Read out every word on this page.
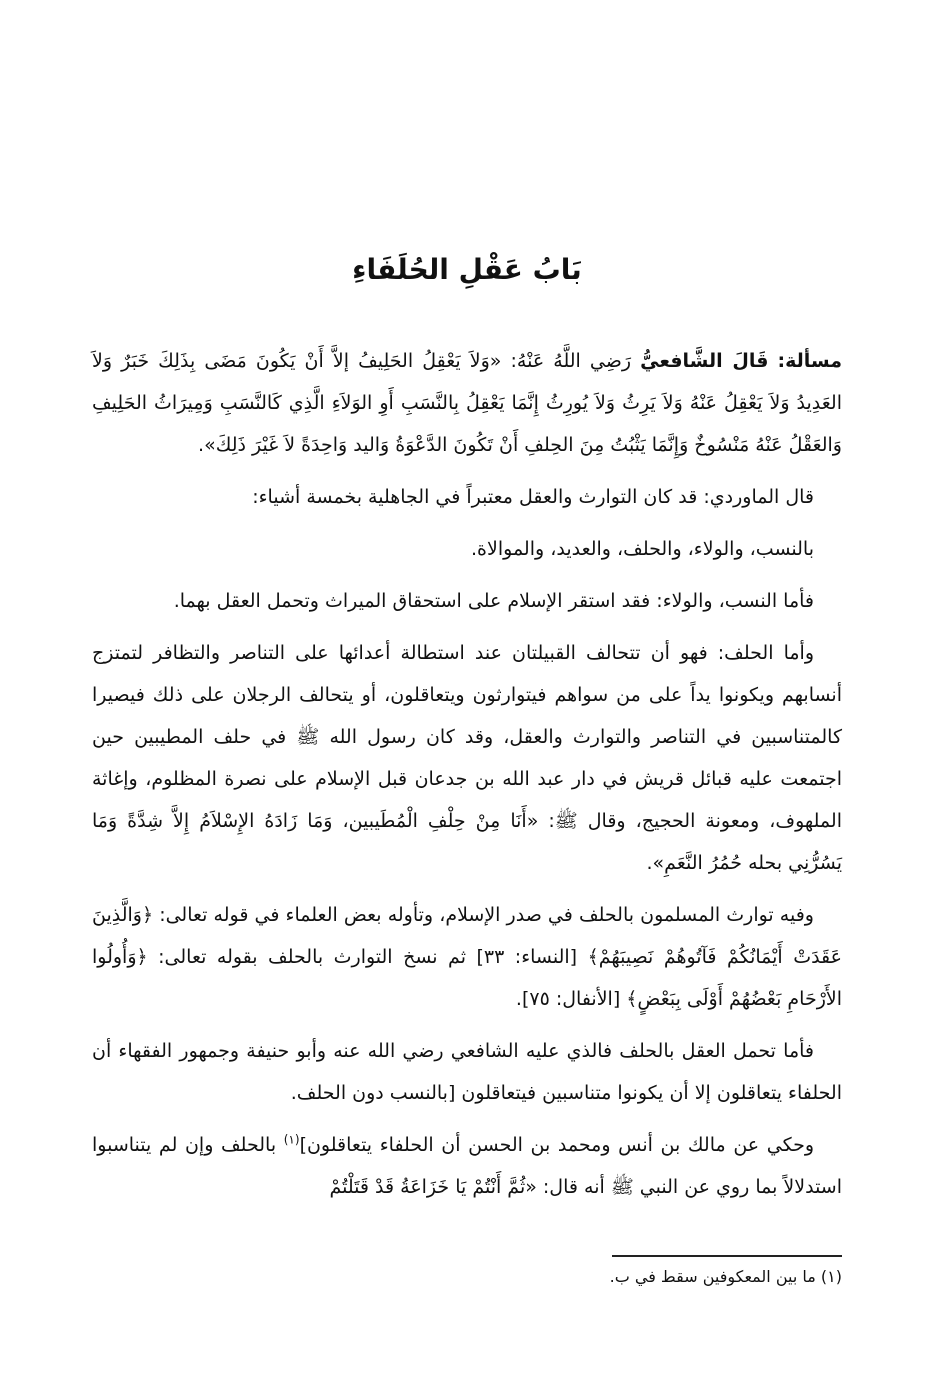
بَابُ عَقْلِ الحُلَفَاءِ

مسألة: قَالَ الشَّافعيُّ رَضِي اللَّهُ عَنْهُ: «وَلاَ يَعْقِلُ الحَلِيفُ إلاَّ أَنْ يَكُونَ مَضَى بِذَلِكَ خَبَرٌ وَلاَ العَدِيدُ وَلاَ يَعْقِلُ عَنْهُ وَلاَ يَرِثُ وَلاَ يُورِثُ إِنَّمَا يَعْقِلُ بِالنَّسَبِ أَوِ الوَلاَءِ الَّذِي كَالنَّسَبِ وَمِيرَاثُ الحَلِيفِ وَالعَقْلُ عَنْهُ مَنْسُوخٌ وَإِنَّمَا يَثْبُتُ مِنَ الحِلفِ أَنْ تَكُونَ الدَّعْوَةُ وَاليد وَاحِدَةً لاَ غَيْرَ ذَلِكَ».

قال الماوردي: قد كان التوارث والعقل معتبراً في الجاهلية بخمسة أشياء:

بالنسب، والولاء، والحلف، والعديد، والموالاة.

فأما النسب، والولاء: فقد استقر الإسلام على استحقاق الميراث وتحمل العقل بهما.

وأما الحلف: فهو أن تتحالف القبيلتان عند استطالة أعدائها على التناصر والتظافر لتمتزج أنسابهم ويكونوا يداً على من سواهم فيتوارثون ويتعاقلون، أو يتحالف الرجلان على ذلك فيصيرا كالمتناسبين في التناصر والتوارث والعقل، وقد كان رسول الله ﷺ في حلف المطيبين حين اجتمعت عليه قبائل قريش في دار عبد الله بن جدعان قبل الإسلام على نصرة المظلوم، وإغاثة الملهوف، ومعونة الحجيج، وقال ﷺ: «أَنَا مِنْ حِلْفِ الْمُطَيبين، وَمَا زَادَهُ الإِسْلاَمُ إِلاَّ شِدَّةً وَمَا يَسُرُّنِي بحله حُمُرُ النَّعَمِ».

وفيه توارث المسلمون بالحلف في صدر الإسلام، وتأوله بعض العلماء في قوله تعالى: ﴿وَالَّذِينَ عَقَدَتْ أَيْمَانُكُمْ فَآتُوهُمْ نَصِيبَهُمْ﴾ [النساء: ٣٣] ثم نسخ التوارث بالحلف بقوله تعالى: ﴿وَأُولُوا الأَرْحَامِ بَعْضُهُمْ أَوْلَى بِبَعْضٍ﴾ [الأنفال: ٧٥].

فأما تحمل العقل بالحلف فالذي عليه الشافعي رضي الله عنه وأبو حنيفة وجمهور الفقهاء أن الحلفاء يتعاقلون إلا أن يكونوا متناسبين فيتعاقلون [بالنسب دون الحلف.

وحكي عن مالك بن أنس ومحمد بن الحسن أن الحلفاء يتعاقلون]$^{(١)}$ بالحلف وإن لم يتناسبوا استدلالاً بما روي عن النبي ﷺ أنه قال: «ثُمَّ أَنْتُمْ يَا خَزَاعَةُ قَدْ قَتَلْتُمْ

(١) ما بين المعكوفين سقط في ب.
